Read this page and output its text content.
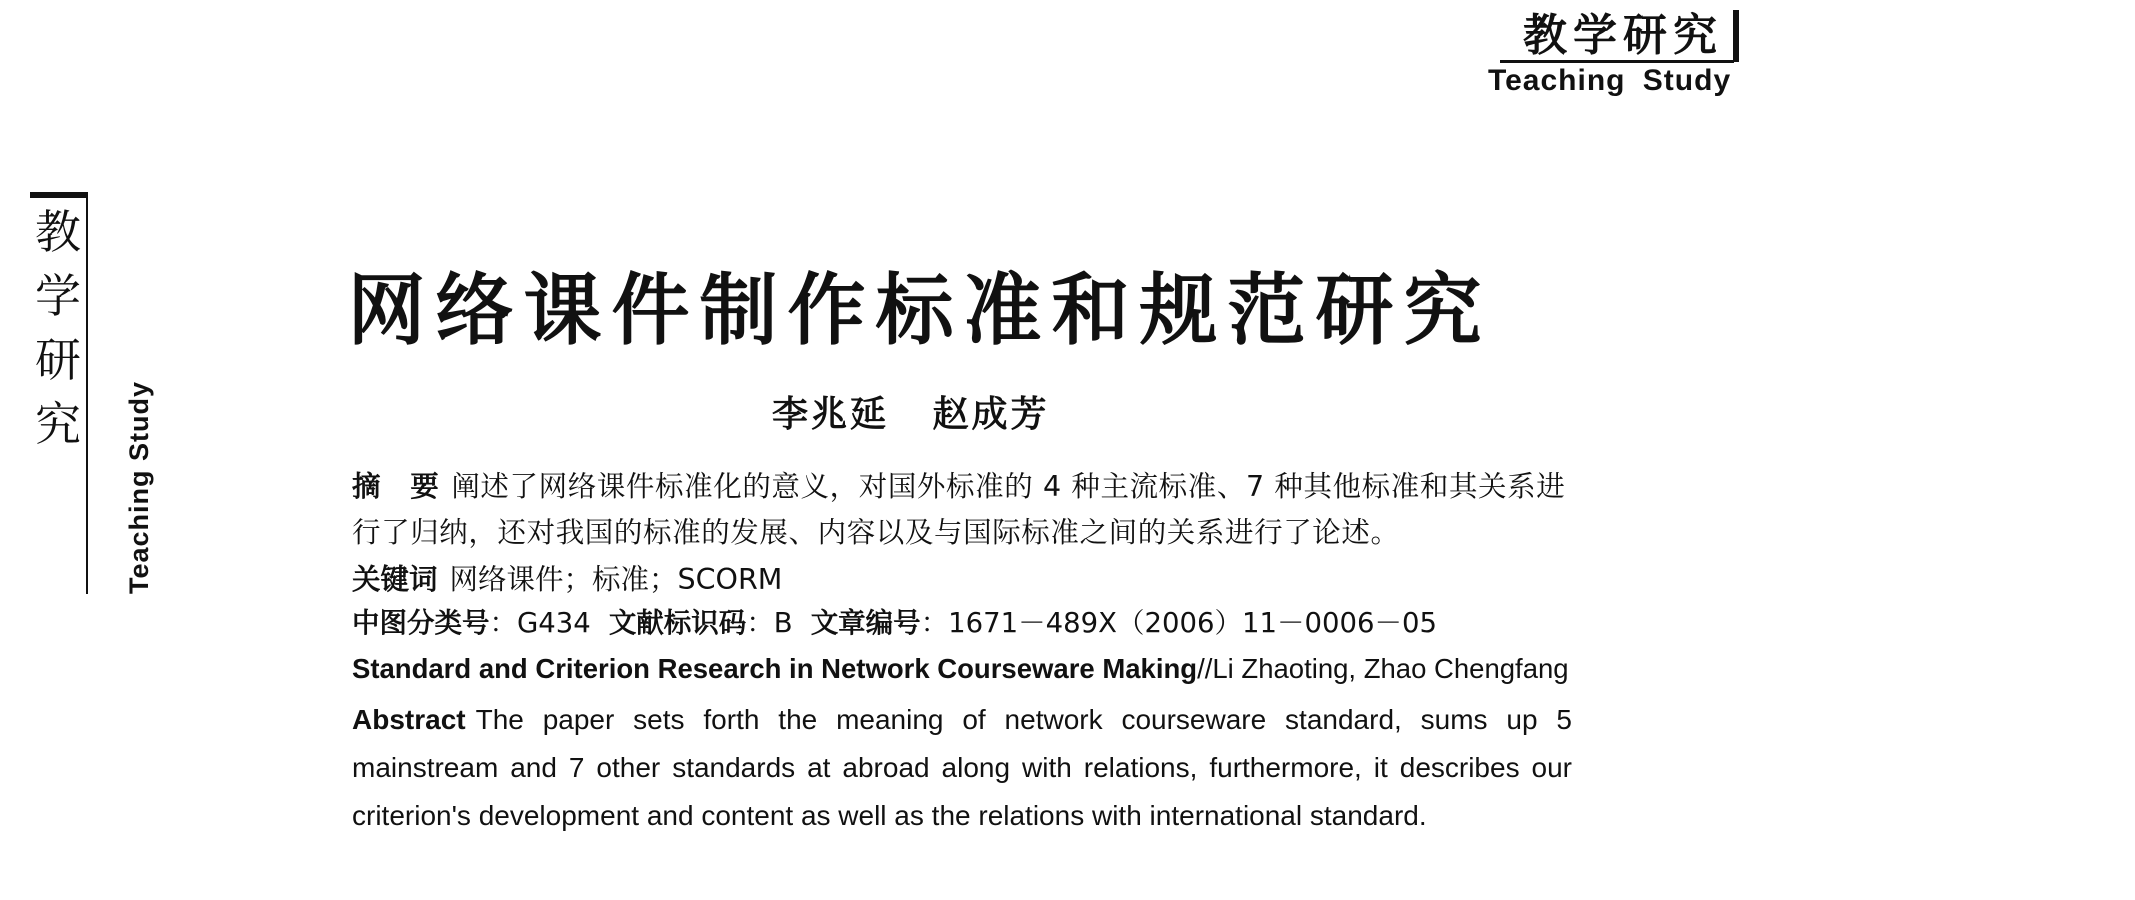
教学研究
Teaching Study
教
学
研
究 Teaching Study
网络课件制作标准和规范研究
李兆延 赵成芳
摘　要 阐述了网络课件标准化的意义，对国外标准的 4 种主流标准、7 种其他标准和其关系进行了归纳，还对我国的标准的发展、内容以及与国际标准之间的关系进行了论述。
关键词 网络课件；标准；SCORM
中图分类号：G434 文献标识码：B 文章编号：1671－489X（2006）11－0006－05
Standard and Criterion Research in Network Courseware Making//Li Zhaoting, Zhao Chengfang
Abstract The paper sets forth the meaning of network courseware standard, sums up 5 mainstream and 7 other standards at abroad along with relations, furthermore, it describes our criterion's development and content as well as the relations with international standard.
